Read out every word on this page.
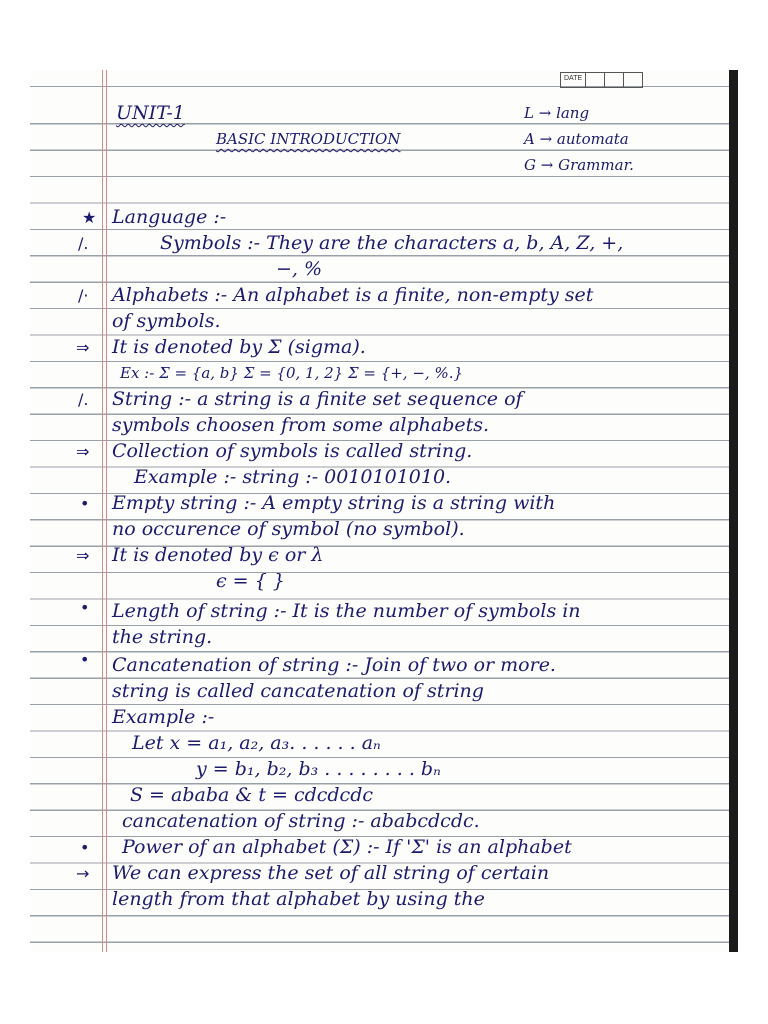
DATE
UNIT-1
BASIC INTRODUCTION
L → lang
A → automata
G → Grammar.
★
/.
/·
⇒
/.
⇒
•
⇒
•
•
•
→
Language :-
Symbols :- They are the characters a, b, A, Z, +,
−, %
Alphabets :- An alphabet is a finite, non-empty set
of symbols.
It is denoted by Σ (sigma).
Ex :- Σ = {a, b} Σ = {0, 1, 2} Σ = {+, −, %.}
String :- a string is a finite set sequence of
symbols choosen from some alphabets.
Collection of symbols is called string.
Example :- string :- 0010101010.
Empty string :- A empty string is a string with
no occurence of symbol (no symbol).
It is denoted by ϵ or λ
ϵ = { }
Length of string :- It is the number of symbols in
the string.
Cancatenation of string :- Join of two or more.
string is called cancatenation of string
Example :-
Let x = a₁, a₂, a₃. . . . . . aₙ
y = b₁, b₂, b₃ . . . . . . . . bₙ
S = ababa & t = cdcdcdc
cancatenation of string :- ababcdcdc.
Power of an alphabet (Σ) :- If 'Σ' is an alphabet
We can express the set of all string of certain
length from that alphabet by using the
